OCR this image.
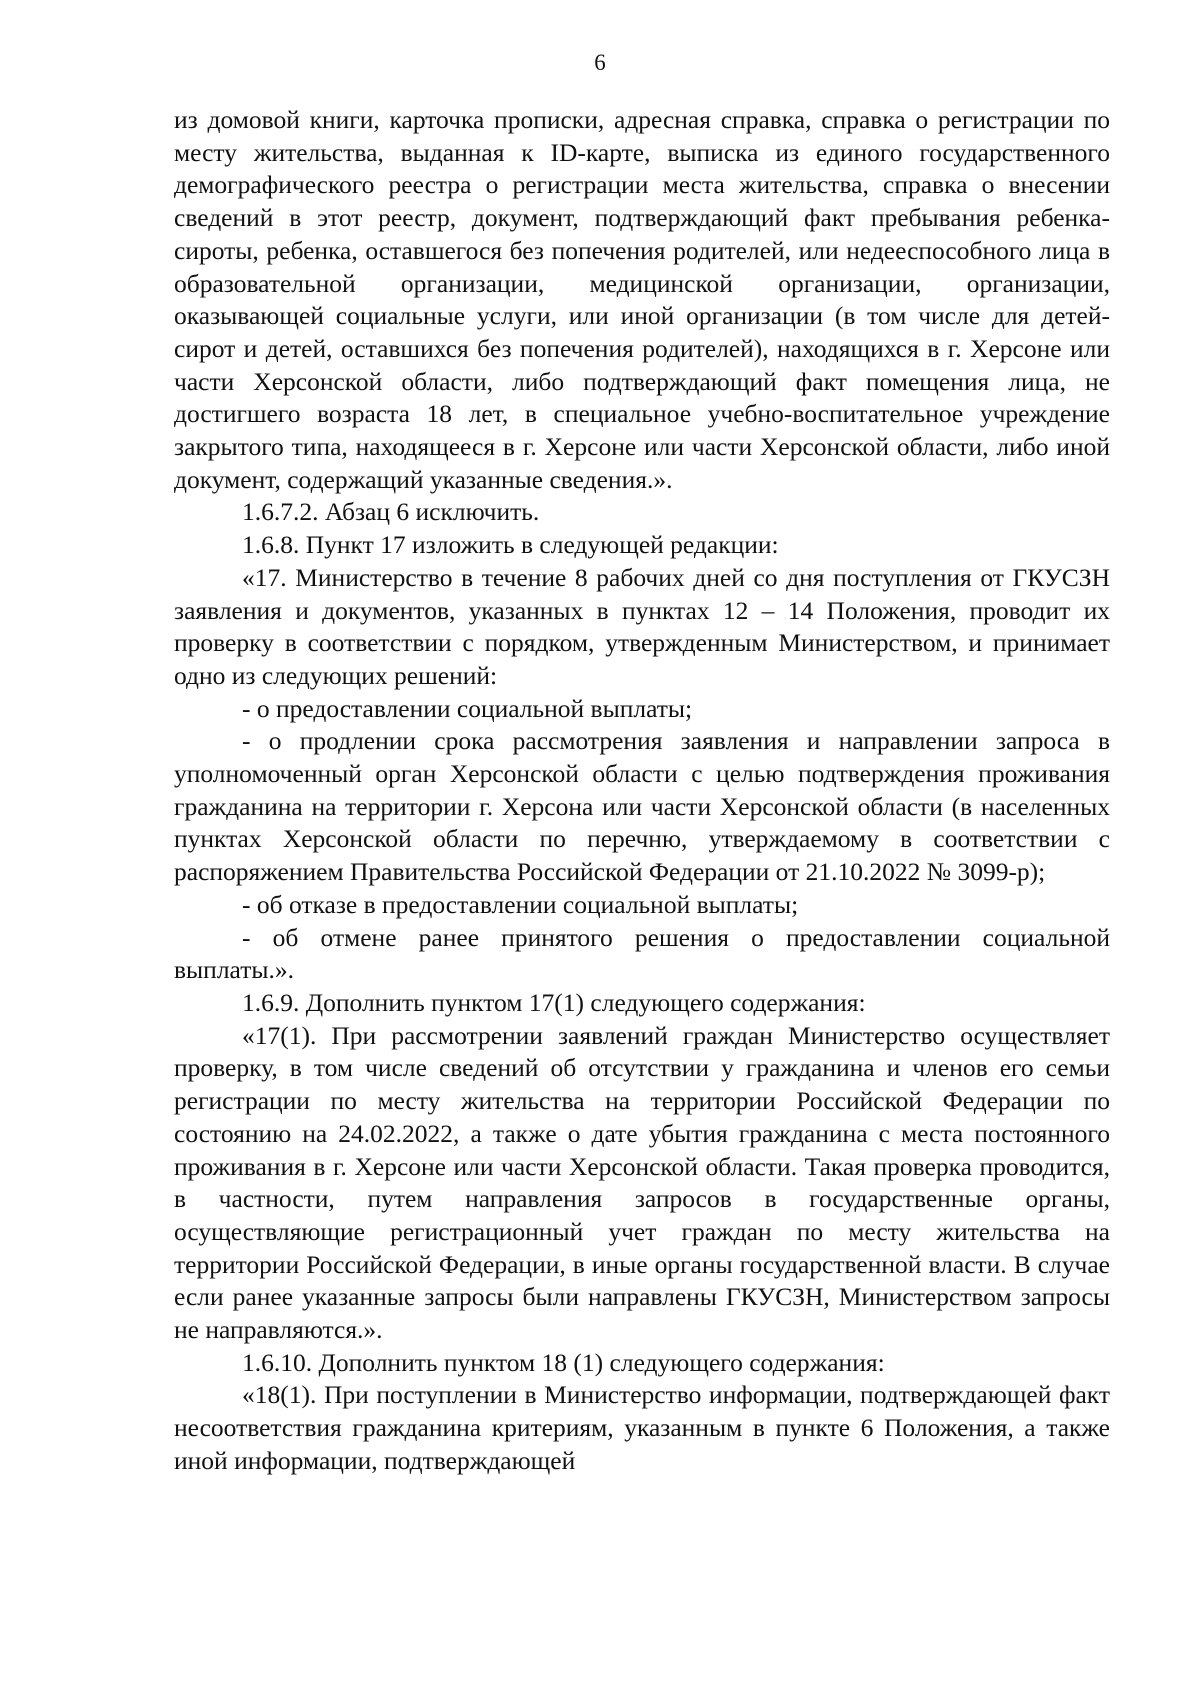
6

из домовой книги, карточка прописки, адресная справка, справка о регистрации по месту жительства, выданная к ID-карте, выписка из единого государственного демографического реестра о регистрации места жительства, справка о внесении сведений в этот реестр, документ, подтверждающий факт пребывания ребенка-сироты, ребенка, оставшегося без попечения родителей, или недееспособного лица в образовательной организации, медицинской организации, организации, оказывающей социальные услуги, или иной организации (в том числе для детей-сирот и детей, оставшихся без попечения родителей), находящихся в г. Херсоне или части Херсонской области, либо подтверждающий факт помещения лица, не достигшего возраста 18 лет, в специальное учебно-воспитательное учреждение закрытого типа, находящееся в г. Херсоне или части Херсонской области, либо иной документ, содержащий указанные сведения.».

1.6.7.2. Абзац 6 исключить.

1.6.8. Пункт 17 изложить в следующей редакции:

«17. Министерство в течение 8 рабочих дней со дня поступления от ГКУСЗН заявления и документов, указанных в пунктах 12 – 14 Положения, проводит их проверку в соответствии с порядком, утвержденным Министерством, и принимает одно из следующих решений:

- о предоставлении социальной выплаты;

- о продлении срока рассмотрения заявления и направлении запроса в уполномоченный орган Херсонской области с целью подтверждения проживания гражданина на территории г. Херсона или части Херсонской области (в населенных пунктах Херсонской области по перечню, утверждаемому в соответствии с распоряжением Правительства Российской Федерации от 21.10.2022 № 3099-р);

- об отказе в предоставлении социальной выплаты;

- об отмене ранее принятого решения о предоставлении социальной выплаты.».

1.6.9. Дополнить пунктом 17(1) следующего содержания:

«17(1). При рассмотрении заявлений граждан Министерство осуществляет проверку, в том числе сведений об отсутствии у гражданина и членов его семьи регистрации по месту жительства на территории Российской Федерации по состоянию на 24.02.2022, а также о дате убытия гражданина с места постоянного проживания в г. Херсоне или части Херсонской области. Такая проверка проводится, в частности, путем направления запросов в государственные органы, осуществляющие регистрационный учет граждан по месту жительства на территории Российской Федерации, в иные органы государственной власти. В случае если ранее указанные запросы были направлены ГКУСЗН, Министерством запросы не направляются.».

1.6.10. Дополнить пунктом 18 (1) следующего содержания:

«18(1). При поступлении в Министерство информации, подтверждающей факт несоответствия гражданина критериям, указанным в пункте 6 Положения, а также иной информации, подтверждающей
